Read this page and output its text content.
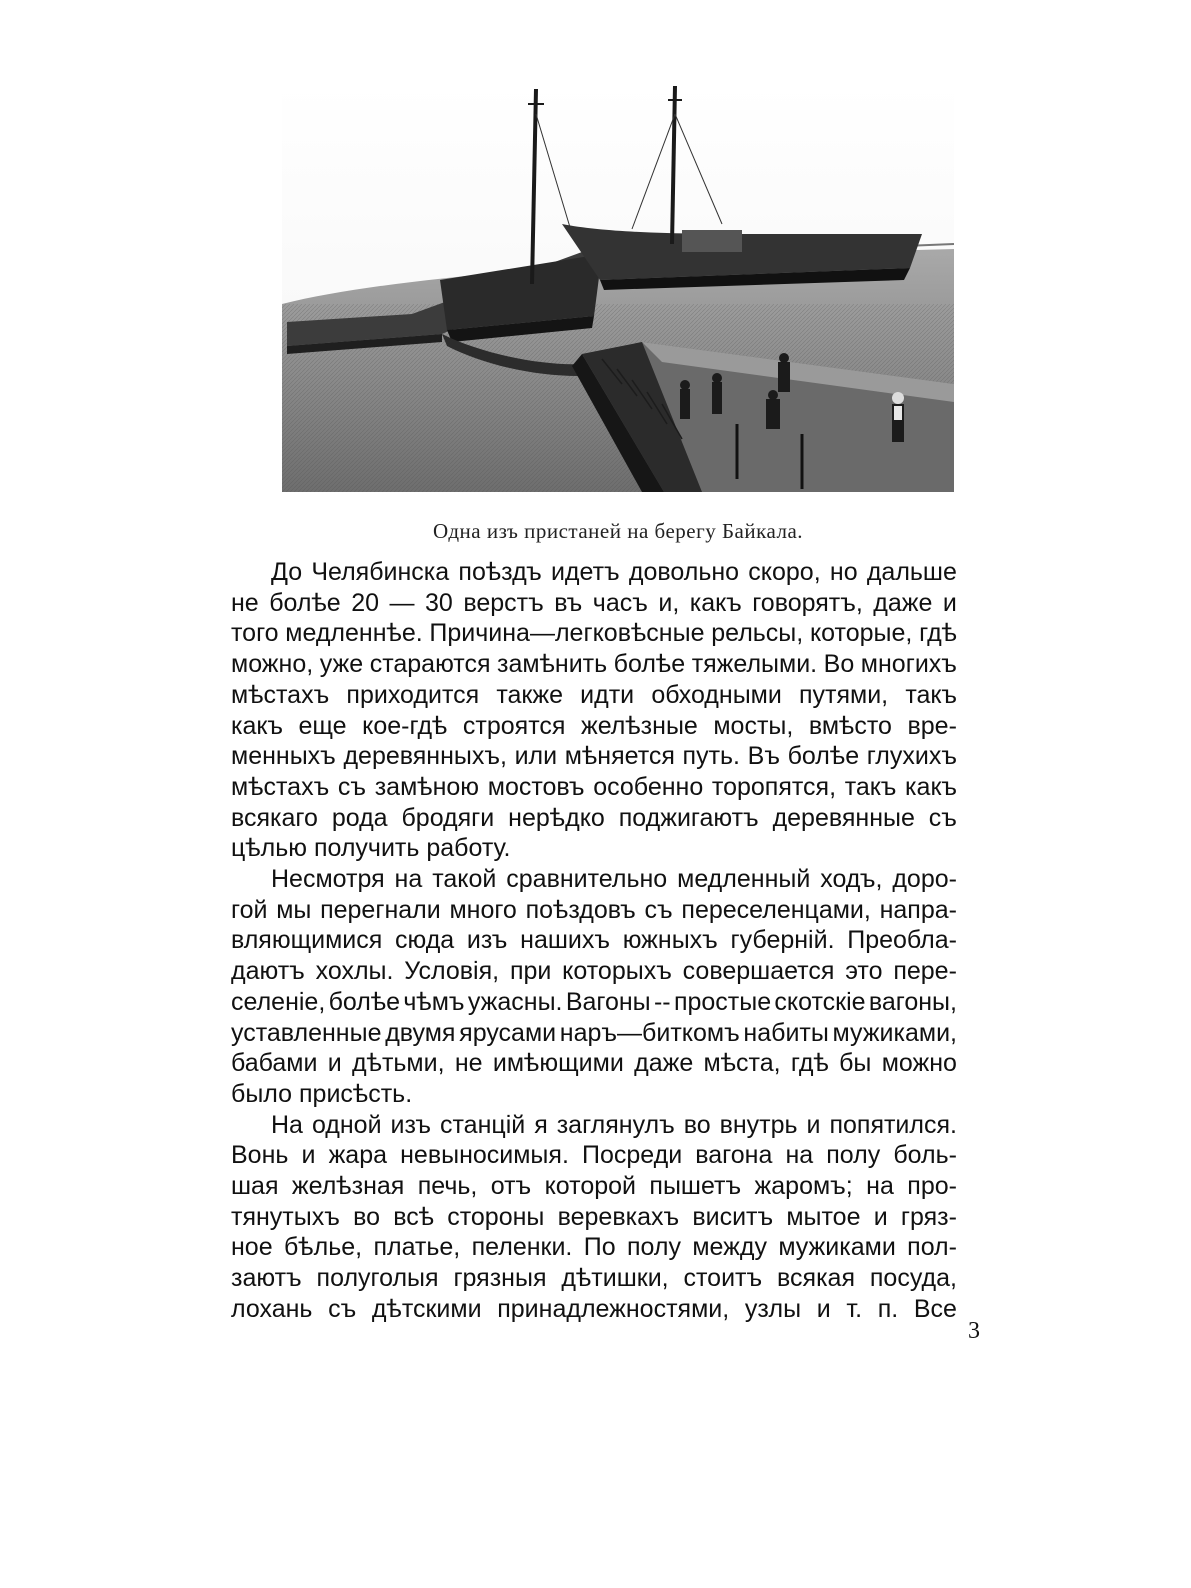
Одна изъ пристаней на берегу Байкала.
До Челябинска поѣздъ идетъ довольно скоро, но дальше
не болѣе 20 — 30 верстъ въ часъ и, какъ говорятъ, даже и
того медленнѣе. Причина—легковѣсные рельсы, которые, гдѣ
можно, уже стараются замѣнить болѣе тяжелыми. Во многихъ
мѣстахъ приходится также идти обходными путями, такъ
какъ еще кое-гдѣ строятся желѣзные мосты, вмѣсто вре-
менныхъ деревянныхъ, или мѣняется путь. Въ болѣе глухихъ
мѣстахъ съ замѣною мостовъ особенно торопятся, такъ какъ
всякаго рода бродяги нерѣдко поджигаютъ деревянные съ
цѣлью получить работу.
Несмотря на такой сравнительно медленный ходъ, доро-
гой мы перегнали много поѣздовъ съ переселенцами, напра-
вляющимися сюда изъ нашихъ южныхъ губерній. Преобла-
даютъ хохлы. Условія, при которыхъ совершается это пере-
селеніе, болѣе чѣмъ ужасны. Вагоны -- простые скотскіе вагоны,
уставленные двумя ярусами наръ—биткомъ набиты мужиками,
бабами и дѣтьми, не имѣющими даже мѣста, гдѣ бы можно
было присѣсть.
На одной изъ станцій я заглянулъ во внутрь и попятился.
Вонь и жара невыносимыя. Посреди вагона на полу боль-
шая желѣзная печь, отъ которой пышетъ жаромъ; на про-
тянутыхъ во всѣ стороны веревкахъ виситъ мытое и гряз-
ное бѣлье, платье, пеленки. По полу между мужиками пол-
заютъ полуголыя грязныя дѣтишки, стоитъ всякая посуда,
лохань съ дѣтскими принадлежностями, узлы и т. п. Все
3
